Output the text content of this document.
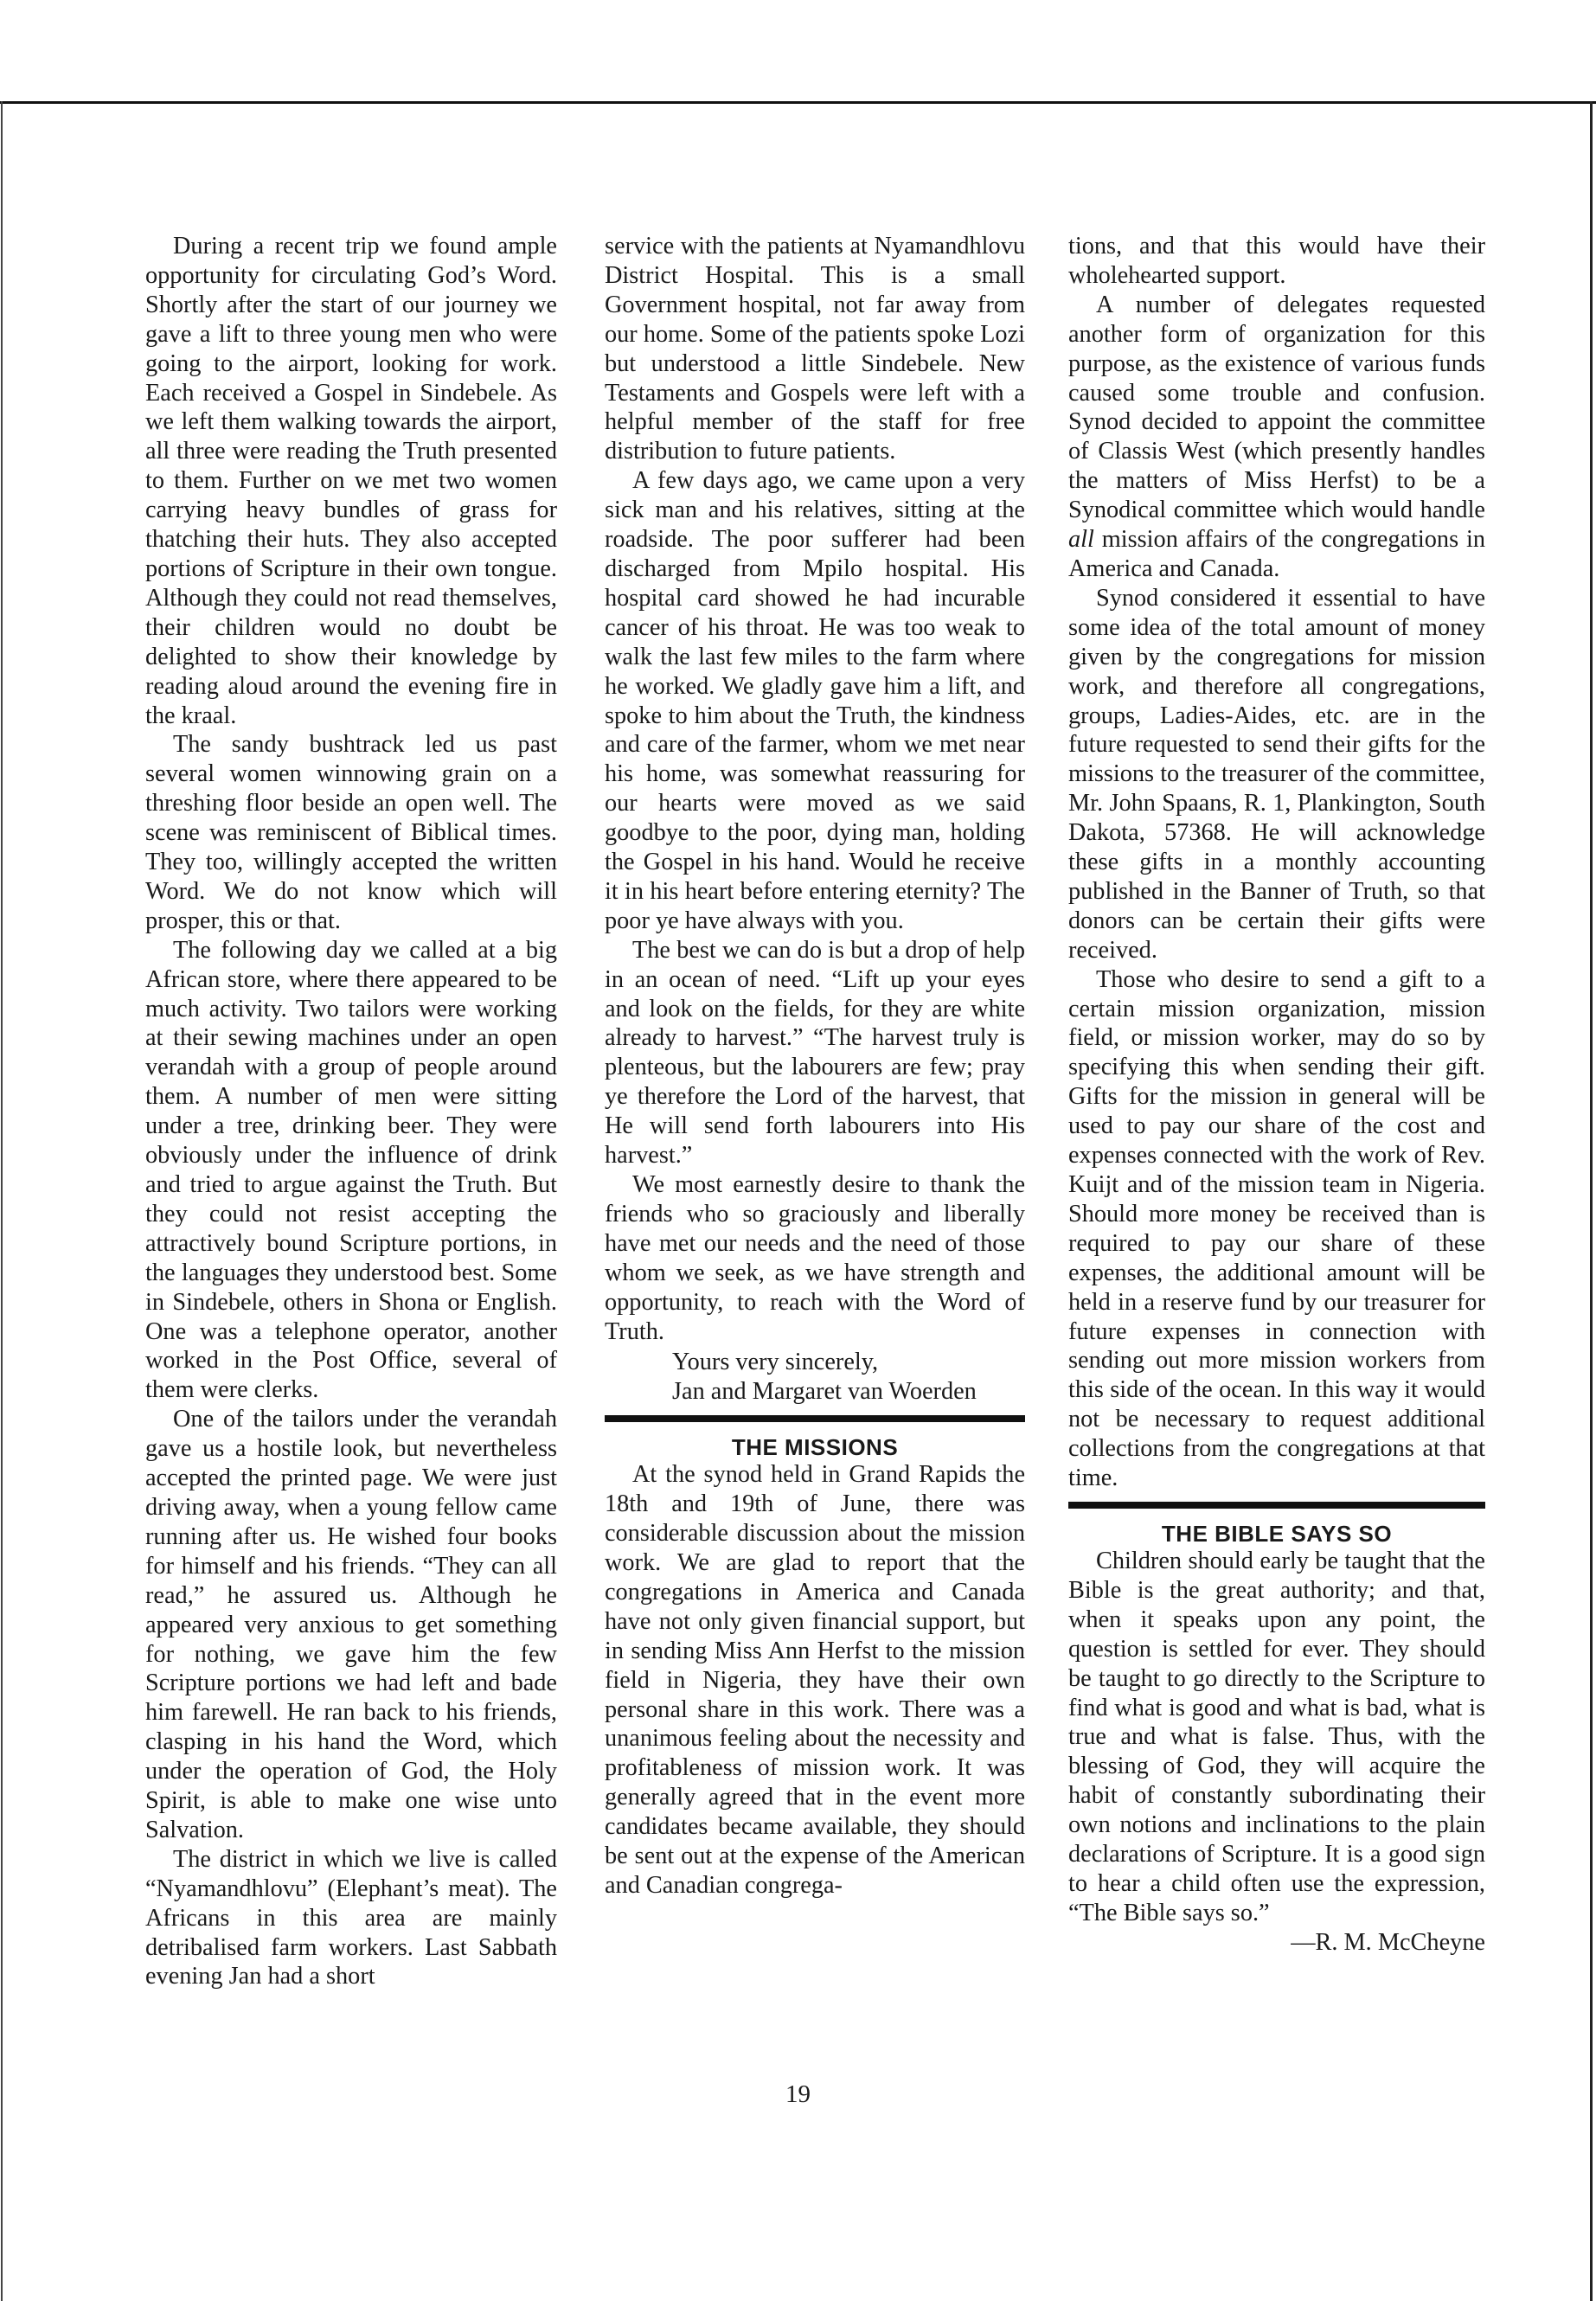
During a recent trip we found ample opportunity for circulating God’s Word. Shortly after the start of our journey we gave a lift to three young men who were going to the airport, looking for work. Each received a Gospel in Sindebele. As we left them walking towards the airport, all three were reading the Truth presented to them. Further on we met two women carrying heavy bundles of grass for thatching their huts. They also accepted portions of Scripture in their own tongue. Although they could not read themselves, their children would no doubt be delighted to show their knowledge by reading aloud around the evening fire in the kraal.

The sandy bushtrack led us past several women winnowing grain on a threshing floor beside an open well. The scene was reminiscent of Biblical times. They too, willingly accepted the written Word. We do not know which will prosper, this or that.

The following day we called at a big African store, where there appeared to be much activity. Two tailors were working at their sewing machines under an open verandah with a group of people around them. A number of men were sitting under a tree, drinking beer. They were obviously under the influence of drink and tried to argue against the Truth. But they could not resist accepting the attractively bound Scripture portions, in the languages they understood best. Some in Sindebele, others in Shona or English. One was a telephone operator, another worked in the Post Office, several of them were clerks.

One of the tailors under the verandah gave us a hostile look, but nevertheless accepted the printed page. We were just driving away, when a young fellow came running after us. He wished four books for himself and his friends. “They can all read,” he assured us. Although he appeared very anxious to get something for nothing, we gave him the few Scripture portions we had left and bade him farewell. He ran back to his friends, clasping in his hand the Word, which under the operation of God, the Holy Spirit, is able to make one wise unto Salvation.

The district in which we live is called “Nyamandhlovu” (Elephant’s meat). The Africans in this area are mainly detribalised farm workers. Last Sabbath evening Jan had a short

service with the patients at Nyamandhlovu District Hospital. This is a small Government hospital, not far away from our home. Some of the patients spoke Lozi but understood a little Sindebele. New Testaments and Gospels were left with a helpful member of the staff for free distribution to future patients.

A few days ago, we came upon a very sick man and his relatives, sitting at the roadside. The poor sufferer had been discharged from Mpilo hospital. His hospital card showed he had incurable cancer of his throat. He was too weak to walk the last few miles to the farm where he worked. We gladly gave him a lift, and spoke to him about the Truth, the kindness and care of the farmer, whom we met near his home, was somewhat reassuring for our hearts were moved as we said goodbye to the poor, dying man, holding the Gospel in his hand. Would he receive it in his heart before entering eternity? The poor ye have always with you.

The best we can do is but a drop of help in an ocean of need. “Lift up your eyes and look on the fields, for they are white already to harvest.” “The harvest truly is plenteous, but the labourers are few; pray ye therefore the Lord of the harvest, that He will send forth labourers into His harvest.”

We most earnestly desire to thank the friends who so graciously and liberally have met our needs and the need of those whom we seek, as we have strength and opportunity, to reach with the Word of Truth.

Yours very sincerely,
Jan and Margaret van Woerden
THE MISSIONS

At the synod held in Grand Rapids the 18th and 19th of June, there was considerable discussion about the mission work. We are glad to report that the congregations in America and Canada have not only given financial support, but in sending Miss Ann Herfst to the mission field in Nigeria, they have their own personal share in this work. There was a unanimous feeling about the necessity and profitableness of mission work. It was generally agreed that in the event more candidates became available, they should be sent out at the expense of the American and Canadian congrega-

tions, and that this would have their wholehearted support.

A number of delegates requested another form of organization for this purpose, as the existence of various funds caused some trouble and confusion. Synod decided to appoint the committee of Classis West (which presently handles the matters of Miss Herfst) to be a Synodical committee which would handle all mission affairs of the congregations in America and Canada.

Synod considered it essential to have some idea of the total amount of money given by the congregations for mission work, and therefore all congregations, groups, Ladies-Aides, etc. are in the future requested to send their gifts for the missions to the treasurer of the committee, Mr. John Spaans, R. 1, Plankington, South Dakota, 57368. He will acknowledge these gifts in a monthly accounting published in the Banner of Truth, so that donors can be certain their gifts were received.

Those who desire to send a gift to a certain mission organization, mission field, or mission worker, may do so by specifying this when sending their gift. Gifts for the mission in general will be used to pay our share of the cost and expenses connected with the work of Rev. Kuijt and of the mission team in Nigeria. Should more money be received than is required to pay our share of these expenses, the additional amount will be held in a reserve fund by our treasurer for future expenses in connection with sending out more mission workers from this side of the ocean. In this way it would not be necessary to request additional collections from the congregations at that time.

THE BIBLE SAYS SO

Children should early be taught that the Bible is the great authority; and that, when it speaks upon any point, the question is settled for ever. They should be taught to go directly to the Scripture to find what is good and what is bad, what is true and what is false. Thus, with the blessing of God, they will acquire the habit of constantly subordinating their own notions and inclinations to the plain declarations of Scripture. It is a good sign to hear a child often use the expression, “The Bible says so.”

—R. M. McCheyne

19
